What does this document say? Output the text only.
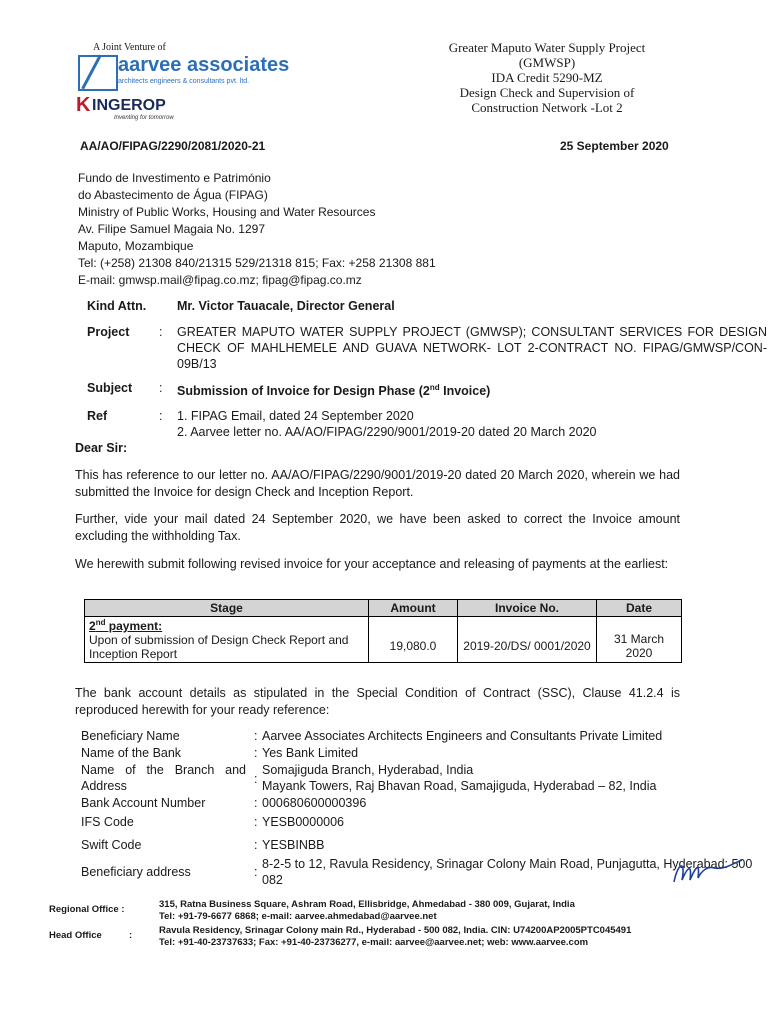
A Joint Venture of
aarvee associates
architects engineers & consultants pvt. ltd.
K INGEROP
Inventing for tomorrow
Greater Maputo Water Supply Project
(GMWSP)
IDA Credit 5290-MZ
Design Check and Supervision of
Construction Network -Lot 2
AA/AO/FIPAG/2290/2081/2020-21	25 September 2020
Fundo de Investimento e Património
do Abastecimento de Água (FIPAG)
Ministry of Public Works, Housing and Water Resources
Av. Filipe Samuel Magaia No. 1297
Maputo, Mozambique
Tel: (+258) 21308 840/21315 529/21318 815; Fax: +258 21308 881
E-mail: gmwsp.mail@fipag.co.mz; fipag@fipag.co.mz
Kind Attn.	Mr. Victor Tauacale, Director General
Project	: GREATER MAPUTO WATER SUPPLY PROJECT (GMWSP); CONSULTANT SERVICES FOR DESIGN CHECK OF MAHLHEMELE AND GUAVA NETWORK- LOT 2-CONTRACT NO. FIPAG/GMWSP/CON-09B/13
Subject	: Submission of Invoice for Design Phase (2nd Invoice)
Ref	: 1. FIPAG Email, dated 24 September 2020
2. Aarvee letter no. AA/AO/FIPAG/2290/9001/2019-20 dated 20 March 2020
Dear Sir:
This has reference to our letter no. AA/AO/FIPAG/2290/9001/2019-20 dated 20 March 2020, wherein we had submitted the Invoice for design Check and Inception Report.
Further, vide your mail dated 24 September 2020, we have been asked to correct the Invoice amount excluding the withholding Tax.
We herewith submit following revised invoice for your acceptance and releasing of payments at the earliest:
Stage	Amount	Invoice No.	Date

2nd payment:
Upon of submission of Design Check Report and Inception Report	19,080.0	2019-20/DS/ 0001/2020	31 March 2020
The bank account details as stipulated in the Special Condition of Contract (SSC), Clause 41.2.4 is reproduced herewith for your ready reference:
Beneficiary Name	: Aarvee Associates Architects Engineers and Consultants Private Limited
Name of the Bank	: Yes Bank Limited
Name of the Branch and Address	:
Somajiguda Branch, Hyderabad, India
Mayank Towers, Raj Bhavan Road, Samajiguda, Hyderabad – 82, India
Bank Account Number	: 000680600000396
IFS Code	: YESB0000006
Swift Code	: YESBINBB
Beneficiary address	:
8-2-5 to 12, Ravula Residency, Srinagar Colony Main Road, Punjagutta, Hyderabad: 500 082
Regional Office :	315, Ratna Business Square, Ashram Road, Ellisbridge, Ahmedabad - 380 009, Gujarat, India
Tel: +91-79-6677 6868; e-mail: aarvee.ahmedabad@aarvee.net
Head Office	:	Ravula Residency, Srinagar Colony main Rd., Hyderabad - 500 082, India. CIN: U74200AP2005PTC045491
Tel: +91-40-23737633; Fax: +91-40-23736277, e-mail: aarvee@aarvee.net; web: www.aarvee.com
